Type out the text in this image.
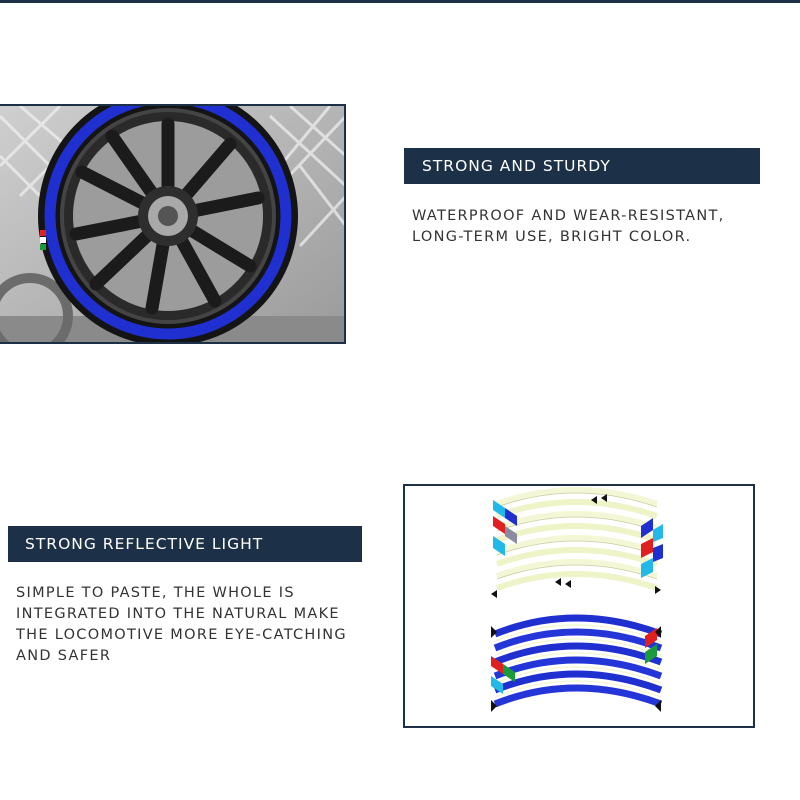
STRONG AND STURDY
WATERPROOF AND WEAR-RESISTANT,
LONG-TERM USE, BRIGHT COLOR.
STRONG REFLECTIVE LIGHT
SIMPLE TO PASTE, THE WHOLE IS
INTEGRATED INTO THE NATURAL MAKE
THE LOCOMOTIVE MORE EYE-CATCHING
AND SAFER
